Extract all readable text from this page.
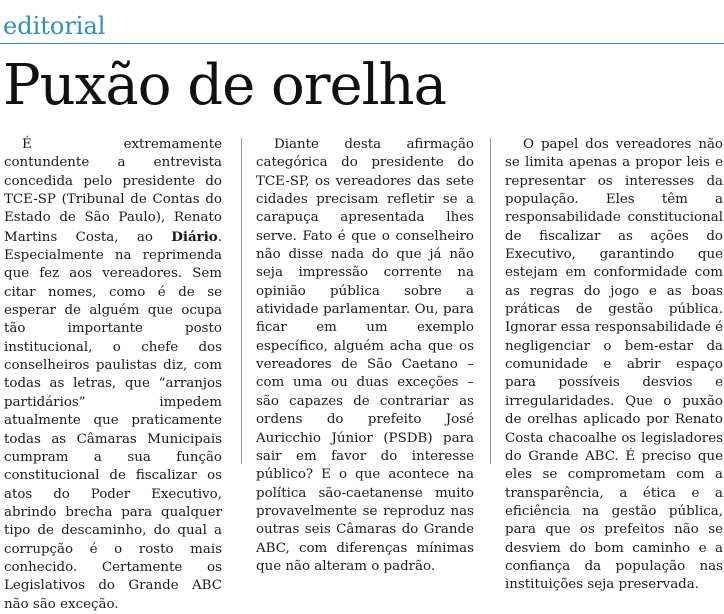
editorial
Puxão de orelha
É extremamente contundente a entrevista concedida pelo presidente do TCE-SP (Tribunal de Contas do Estado de São Paulo), Renato Martins Costa, ao Diário. Especialmente na reprimenda que fez aos vereadores. Sem citar nomes, como é de se esperar de alguém que ocupa tão importante posto institucional, o chefe dos conselheiros paulistas diz, com todas as letras, que “arranjos partidários” impedem atualmente que praticamente todas as Câmaras Municipais cumpram a sua função constitucional de fiscalizar os atos do Poder Executivo, abrindo brecha para qualquer tipo de descaminho, do qual a corrupção é o rosto mais conhecido. Certamente os Legislativos do Grande ABC não são exceção.
Diante desta afirmação categórica do presidente do TCE-SP, os vereadores das sete cidades precisam refletir se a carapuça apresentada lhes serve. Fato é que o conselheiro não disse nada do que já não seja impressão corrente na opinião pública sobre a atividade parlamentar. Ou, para ficar em um exemplo específico, alguém acha que os vereadores de São Caetano – com uma ou duas exceções – são capazes de contrariar as ordens do prefeito José Auricchio Júnior (PSDB) para sair em favor do interesse público? E o que acontece na política são-caetanense muito provavelmente se reproduz nas outras seis Câmaras do Grande ABC, com diferenças mínimas que não alteram o padrão.
O papel dos vereadores não se limita apenas a propor leis e representar os interesses da população. Eles têm a responsabilidade constitucional de fiscalizar as ações do Executivo, garantindo que estejam em conformidade com as regras do jogo e as boas práticas de gestão pública. Ignorar essa responsabilidade é negligenciar o bem-estar da comunidade e abrir espaço para possíveis desvios e irregularidades. Que o puxão de orelhas aplicado por Renato Costa chacoalhe os legisladores do Grande ABC. É preciso que eles se comprometam com a transparência, a ética e a eficiência na gestão pública, para que os prefeitos não se desviem do bom caminho e a confiança da população nas instituições seja preservada.
